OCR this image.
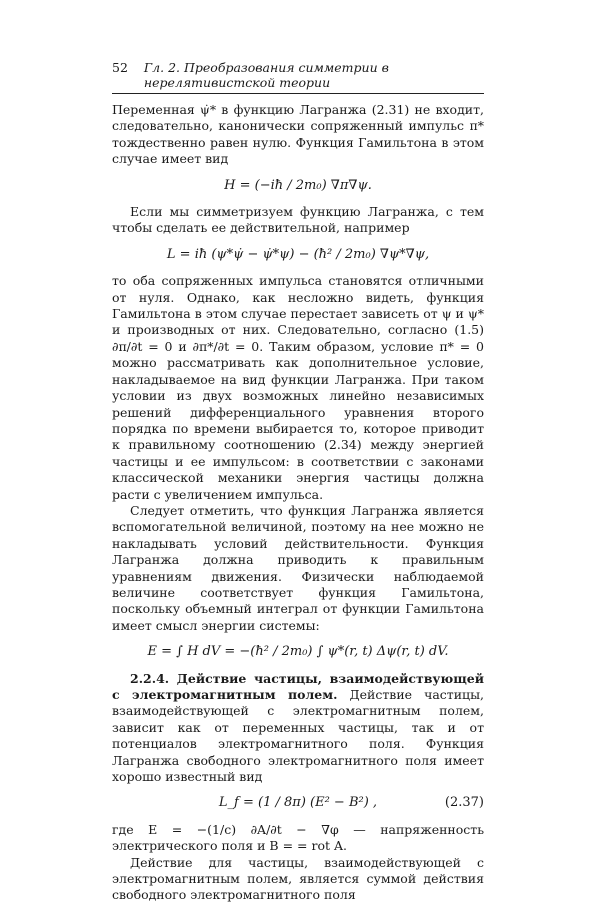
52 Гл. 2. Преобразования симметрии в нерелятивистской теории

Переменная ψ̇* в функцию Лагранжа (2.31) не входит, следовательно, канонически сопряженный импульс π* тождественно равен нулю. Функция Гамильтона в этом случае имеет вид

H = (−iħ / 2m₀) ∇π∇ψ.

Если мы симметризуем функцию Лагранжа, с тем чтобы сделать ее действительной, например

L = iħ (ψ*ψ̇ − ψ̇*ψ) − (ħ² / 2m₀) ∇ψ*∇ψ,

то оба сопряженных импульса становятся отличными от нуля. Однако, как несложно видеть, функция Гамильтона в этом случае перестает зависеть от ψ и ψ* и производных от них. Следовательно, согласно (1.5) ∂π/∂t = 0 и ∂π*/∂t = 0. Таким образом, условие π* = 0 можно рассматривать как дополнительное условие, накладываемое на вид функции Лагранжа. При таком условии из двух возможных линейно независимых решений дифференциального уравнения второго порядка по времени выбирается то, которое приводит к правильному соотношению (2.34) между энергией частицы и ее импульсом: в соответствии с законами классической механики энергия частицы должна расти с увеличением импульса.

Следует отметить, что функция Лагранжа является вспомогательной величиной, поэтому на нее можно не накладывать условий действительности. Функция Лагранжа должна приводить к правильным уравнениям движения. Физически наблюдаемой величине соответствует функция Гамильтона, поскольку объемный интеграл от функции Гамильтона имеет смысл энергии системы:

E = ∫ H dV = −(ħ² / 2m₀) ∫ ψ*(r, t) Δψ(r, t) dV.

2.2.4. Действие частицы, взаимодействующей с электромагнитным полем. Действие частицы, взаимодействующей с электромагнитным полем, зависит как от переменных частицы, так и от потенциалов электромагнитного поля. Функция Лагранжа свободного электромагнитного поля имеет хорошо известный вид

L_f = (1 / 8π) (E² − B²) ,	(2.37)

где E = −(1/c) ∂A/∂t − ∇φ — напряженность электрического поля и B = = rot A.

Действие для частицы, взаимодействующей с электромагнитным полем, является суммой действия свободного электромагнитного поля
